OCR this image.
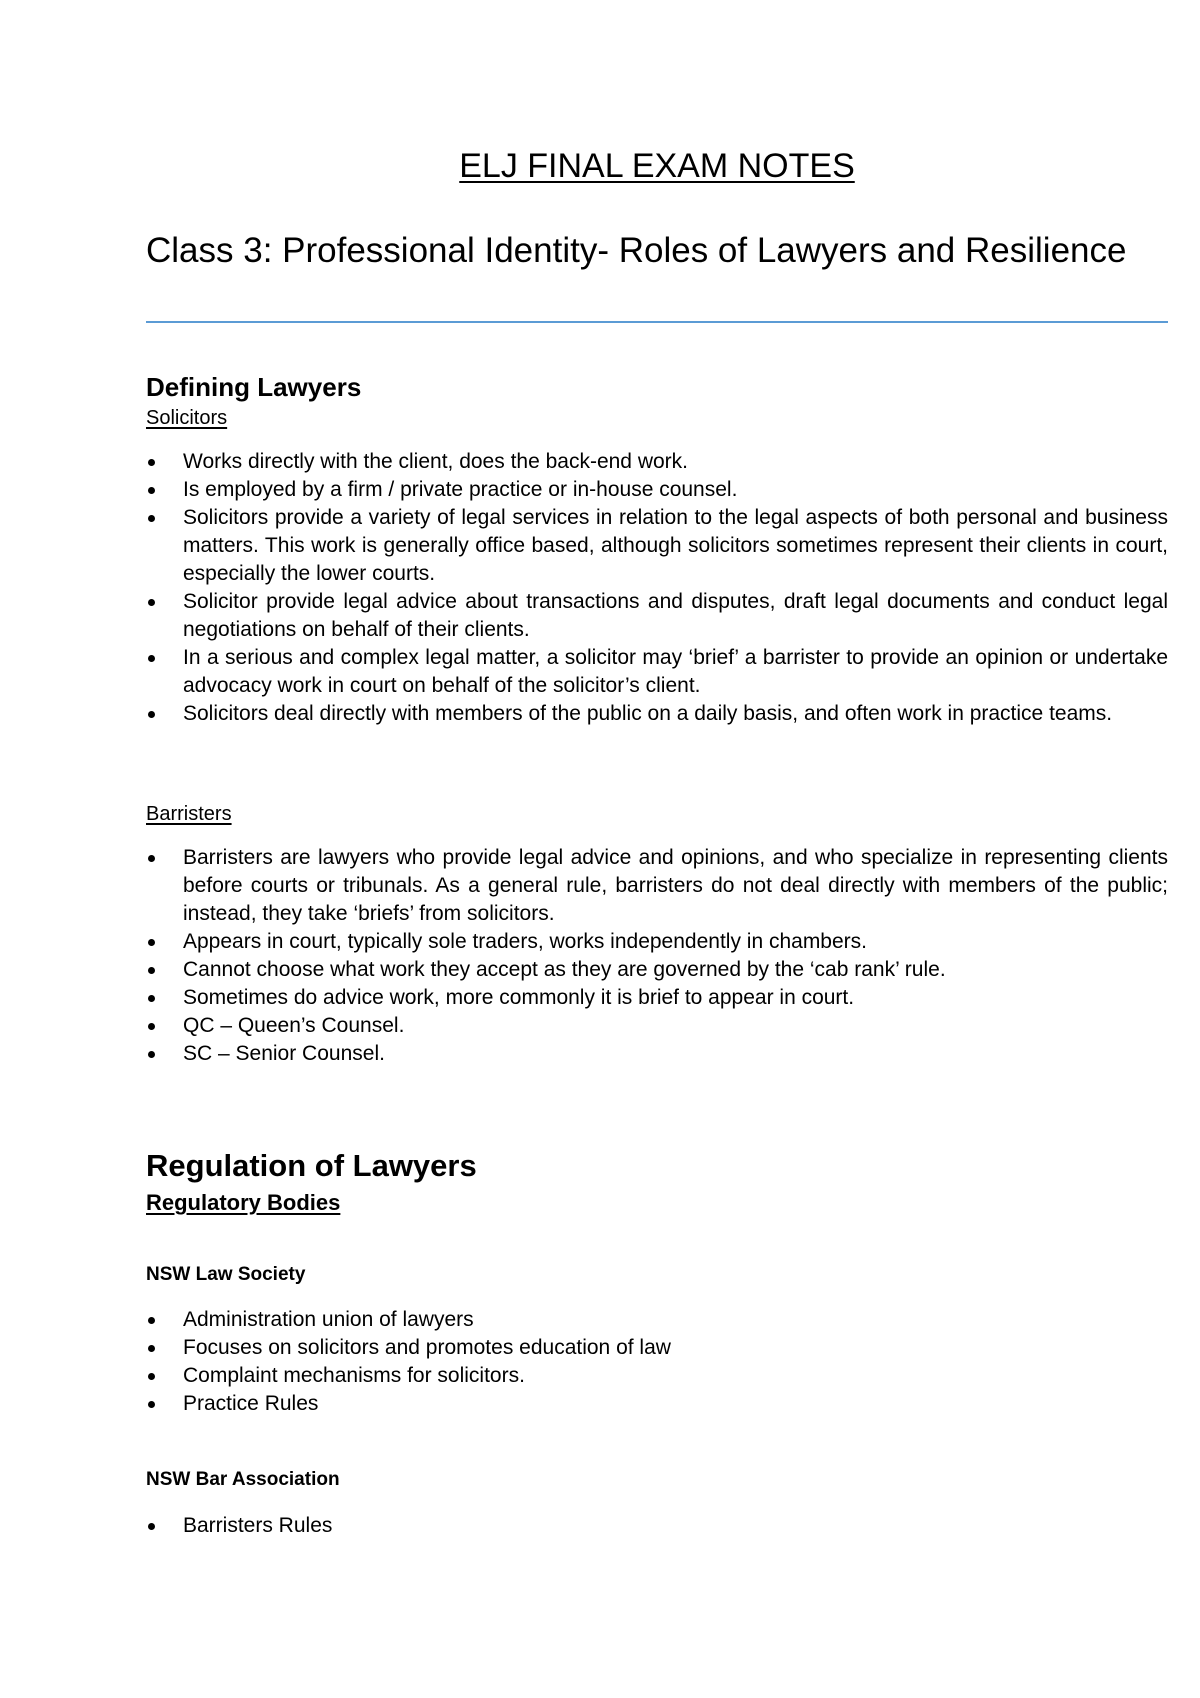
ELJ FINAL EXAM NOTES
Class 3: Professional Identity- Roles of Lawyers and Resilience
Defining Lawyers
Solicitors
Works directly with the client, does the back-end work.
Is employed by a firm / private practice or in-house counsel.
Solicitors provide a variety of legal services in relation to the legal aspects of both personal and business matters. This work is generally office based, although solicitors sometimes represent their clients in court, especially the lower courts.
Solicitor provide legal advice about transactions and disputes, draft legal documents and conduct legal negotiations on behalf of their clients.
In a serious and complex legal matter, a solicitor may ‘brief’ a barrister to provide an opinion or undertake advocacy work in court on behalf of the solicitor’s client.
Solicitors deal directly with members of the public on a daily basis, and often work in practice teams.
Barristers
Barristers are lawyers who provide legal advice and opinions, and who specialize in representing clients before courts or tribunals. As a general rule, barristers do not deal directly with members of the public; instead, they take ‘briefs’ from solicitors.
Appears in court, typically sole traders, works independently in chambers.
Cannot choose what work they accept as they are governed by the ‘cab rank’ rule.
Sometimes do advice work, more commonly it is brief to appear in court.
QC – Queen’s Counsel.
SC – Senior Counsel.
Regulation of Lawyers
Regulatory Bodies
NSW Law Society
Administration union of lawyers
Focuses on solicitors and promotes education of law
Complaint mechanisms for solicitors.
Practice Rules
NSW Bar Association
Barristers Rules
